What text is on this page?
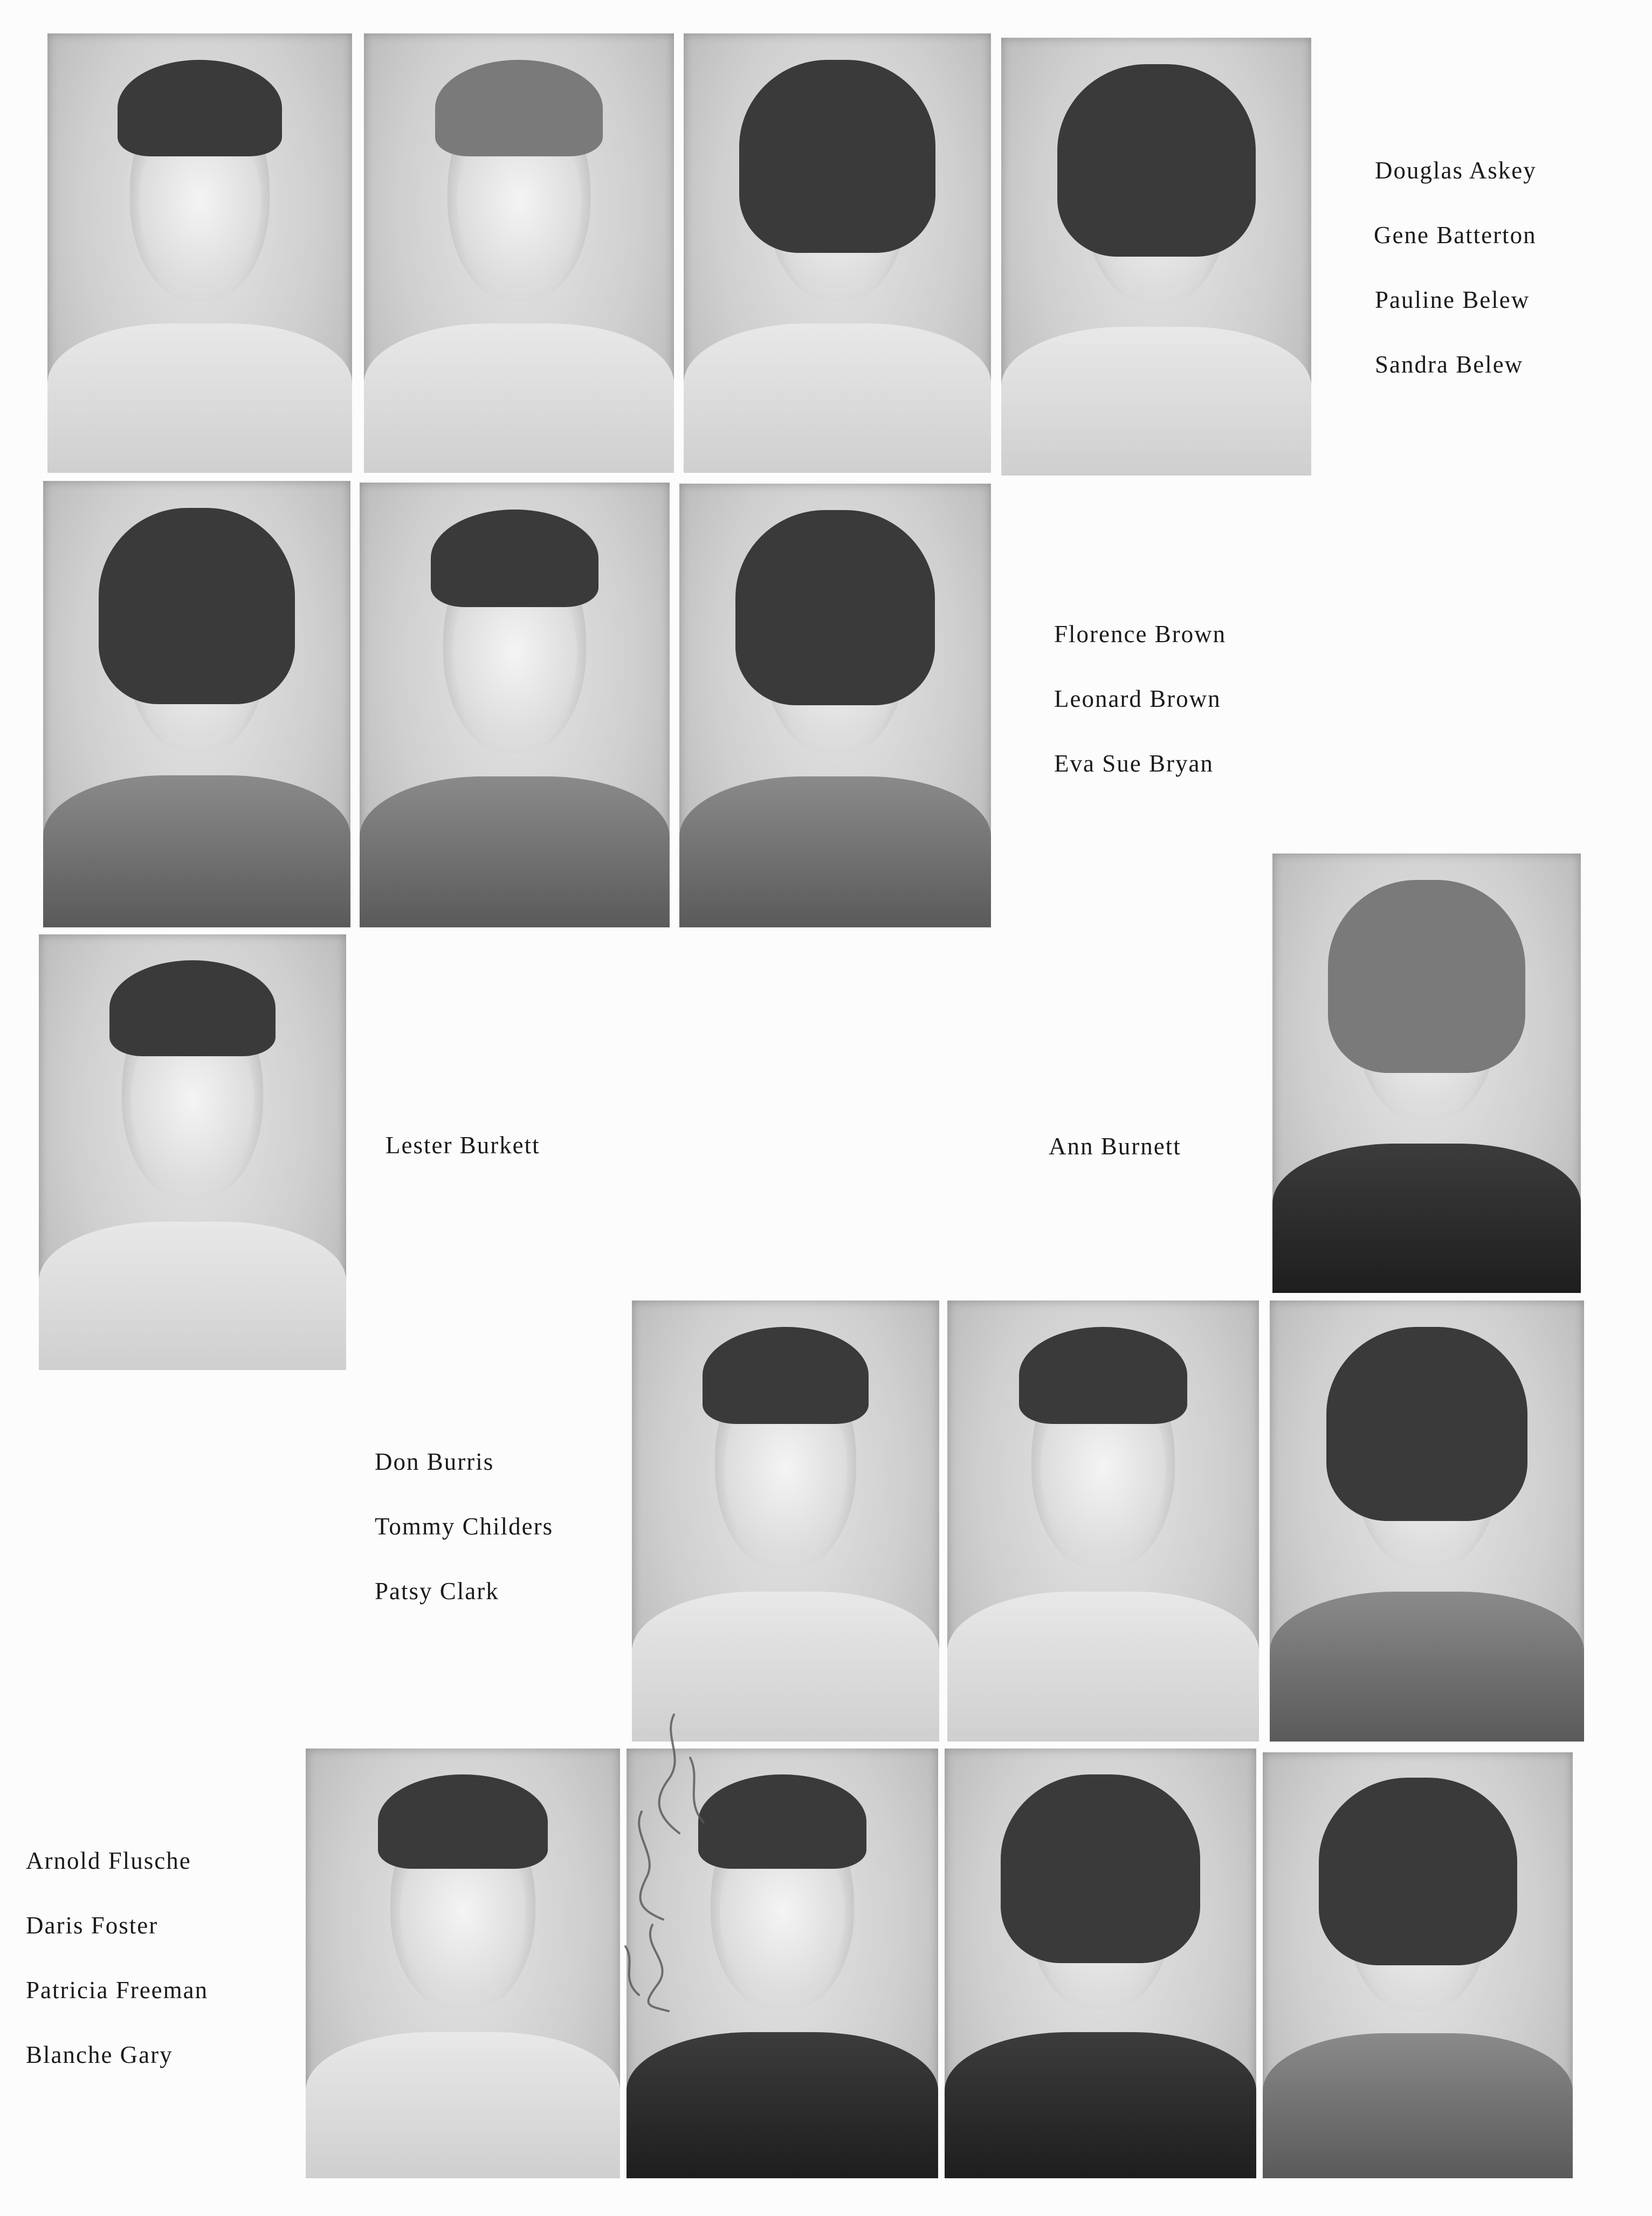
Douglas Askey
Gene Batterton
Pauline Belew
Sandra Belew
Florence Brown
Leonard Brown
Eva Sue Bryan
Lester Burkett	Ann Burnett
Don Burris
Tommy Childers
Patsy Clark
Arnold Flusche
Daris Foster
Patricia Freeman
Blanche Gary
